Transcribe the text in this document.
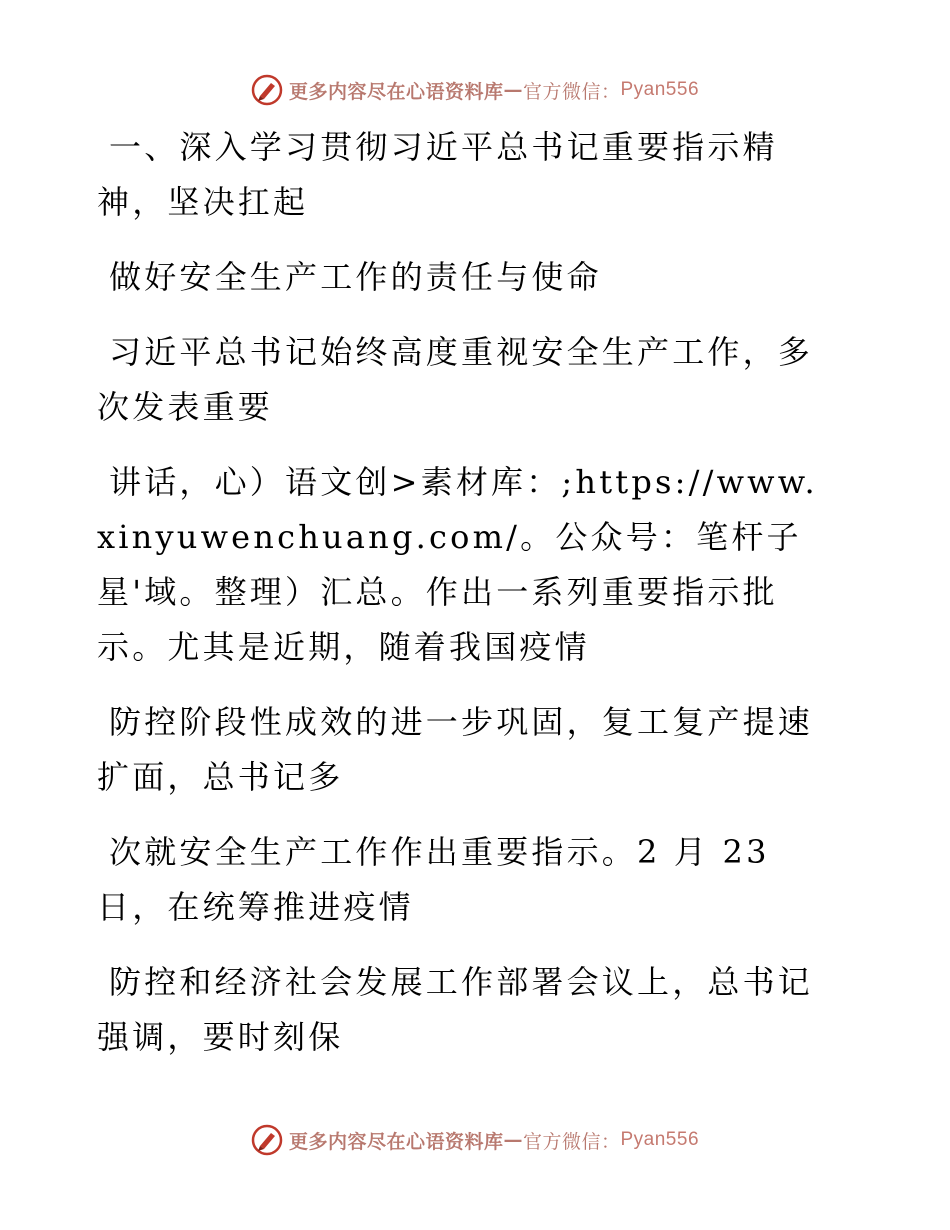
更多内容尽在心语资料库 — 官方微信： Pyan556

一、深入学习贯彻习近平总书记重要指示精神，坚决扛起

做好安全生产工作的责任与使命

习近平总书记始终高度重视安全生产工作，多次发表重要

讲话，心）语文创>素材库：;https://www.xinyuwenchuang.com/。公众号：笔杆子星'域。整理）汇总。作出一系列重要指示批示。尤其是近期，随着我国疫情

防控阶段性成效的进一步巩固，复工复产提速扩面，总书记多

次就安全生产工作作出重要指示。2 月 23 日，在统筹推进疫情

防控和经济社会发展工作部署会议上，总书记强调，要时刻保

更多内容尽在心语资料库 — 官方微信： Pyan556
